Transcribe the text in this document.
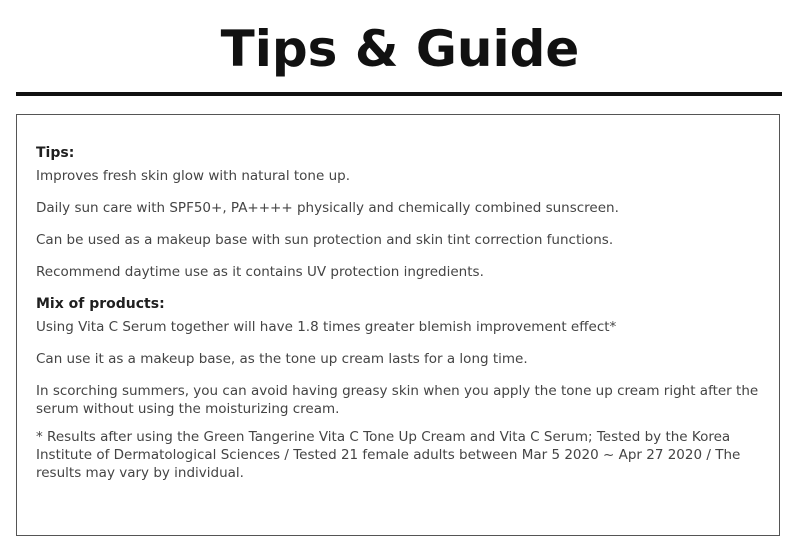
Tips & Guide
Tips:
Improves fresh skin glow with natural tone up.
Daily sun care with SPF50+, PA++++ physically and chemically combined sunscreen.
Can be used as a makeup base with sun protection and skin tint correction functions.
Recommend daytime use as it contains UV protection ingredients.
Mix of products:
Using Vita C Serum together will have 1.8 times greater blemish improvement effect*
Can use it as a makeup base, as the tone up cream lasts for a long time.
In scorching summers, you can avoid having greasy skin when you apply the tone up cream right after the serum without using the moisturizing cream.
* Results after using the Green Tangerine Vita C Tone Up Cream and Vita C Serum; Tested by the Korea Institute of Dermatological Sciences / Tested 21 female adults between Mar 5 2020 ~ Apr 27 2020 / The results may vary by individual.
